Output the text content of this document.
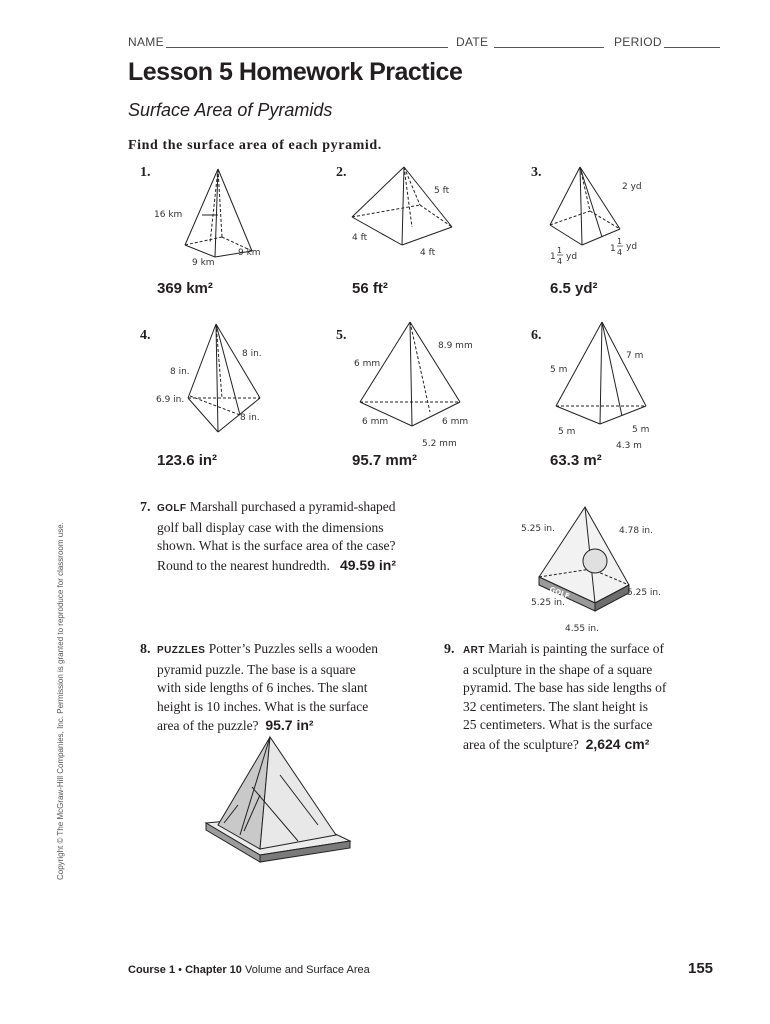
NAME	DATE	PERIOD
Lesson 5 Homework Practice
Surface Area of Pyramids
Find the surface area of each pyramid.
1.	2.	3.
4.	5.	6.
16 km
9 km
9 km
5 ft
4 ft
4 ft
2 yd
1
1
4 yd
1
1
4
yd
369 km²	56 ft²	6.5 yd²
8 in.
8 in.
6.9 in.
8 in.
8.9 mm
6 mm
6 mm	6 mm
5.2 mm
7 m
5 m
5 m	5 m
4.3 m
123.6 in²	95.7 mm²	63.3 m²
7. GOLF Marshall purchased a pyramid-shaped
golf ball display case with the dimensions
shown. What is the surface area of the case?
Round to the nearest hundredth. 49.59 in²
GOLF
5.25 in.	4.78 in.
5.25 in.
5.25 in.
4.55 in.
8. PUZZLES Potter’s Puzzles sells a wooden
pyramid puzzle. The base is a square
with side lengths of 6 inches. The slant
height is 10 inches. What is the surface
area of the puzzle? 95.7 in²
9. ART Mariah is painting the surface of
a sculpture in the shape of a square
pyramid. The base has side lengths of
32 centimeters. The slant height is
25 centimeters. What is the surface
area of the sculpture? 2,624 cm²
Copyright © The McGraw-Hill Companies, Inc. Permission is granted to reproduce for classroom use.
Course 1 • Chapter 10 Volume and Surface Area	155
